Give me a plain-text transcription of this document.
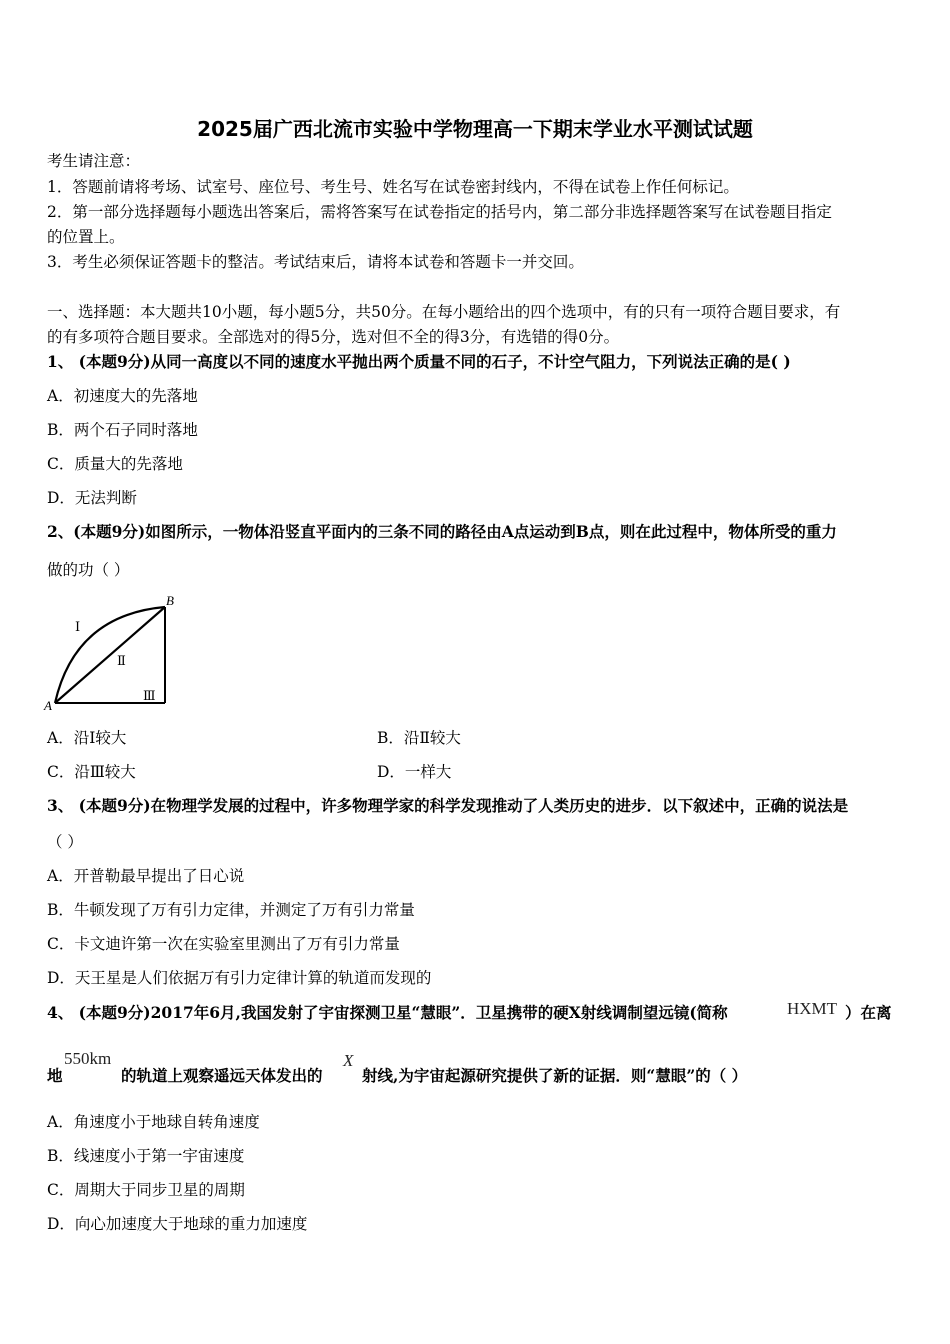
2025届广西北流市实验中学物理高一下期末学业水平测试试题
考生请注意：
1．答题前请将考场、试室号、座位号、考生号、姓名写在试卷密封线内，不得在试卷上作任何标记。
2．第一部分选择题每小题选出答案后，需将答案写在试卷指定的括号内，第二部分非选择题答案写在试卷题目指定
的位置上。
3．考生必须保证答题卡的整洁。考试结束后，请将本试卷和答题卡一并交回。
一、选择题：本大题共10小题，每小题5分，共50分。在每小题给出的四个选项中，有的只有一项符合题目要求，有
的有多项符合题目要求。全部选对的得5分，选对但不全的得3分，有选错的得0分。
1、 (本题9分)从同一高度以不同的速度水平抛出两个质量不同的石子，不计空气阻力，下列说法正确的是( )
A．初速度大的先落地
B．两个石子同时落地
C．质量大的先落地
D．无法判断
2、(本题9分)如图所示，一物体沿竖直平面内的三条不同的路径由A点运动到B点，则在此过程中，物体所受的重力
做的功（ ）
A
B
Ⅰ
Ⅱ
Ⅲ
A．沿Ⅰ较大	B．沿Ⅱ较大
C．沿Ⅲ较大	D．一样大
3、 (本题9分)在物理学发展的过程中，许多物理学家的科学发现推动了人类历史的进步．以下叙述中，正确的说法是
（ ）
A．开普勒最早提出了日心说
B．牛顿发现了万有引力定律，并测定了万有引力常量
C．卡文迪许第一次在实验室里测出了万有引力常量
D．天王星是人们依据万有引力定律计算的轨道而发现的
4、 (本题9分)2017年6月,我国发射了宇宙探测卫星“慧眼”．卫星携带的硬X射线调制望远镜(简称	HXMT ）在离
地
550km
的轨道上观察遥远天体发出的
X
射线,为宇宙起源研究提供了新的证据．则“慧眼”的（ ）
A．角速度小于地球自转角速度
B．线速度小于第一宇宙速度
C．周期大于同步卫星的周期
D．向心加速度大于地球的重力加速度
